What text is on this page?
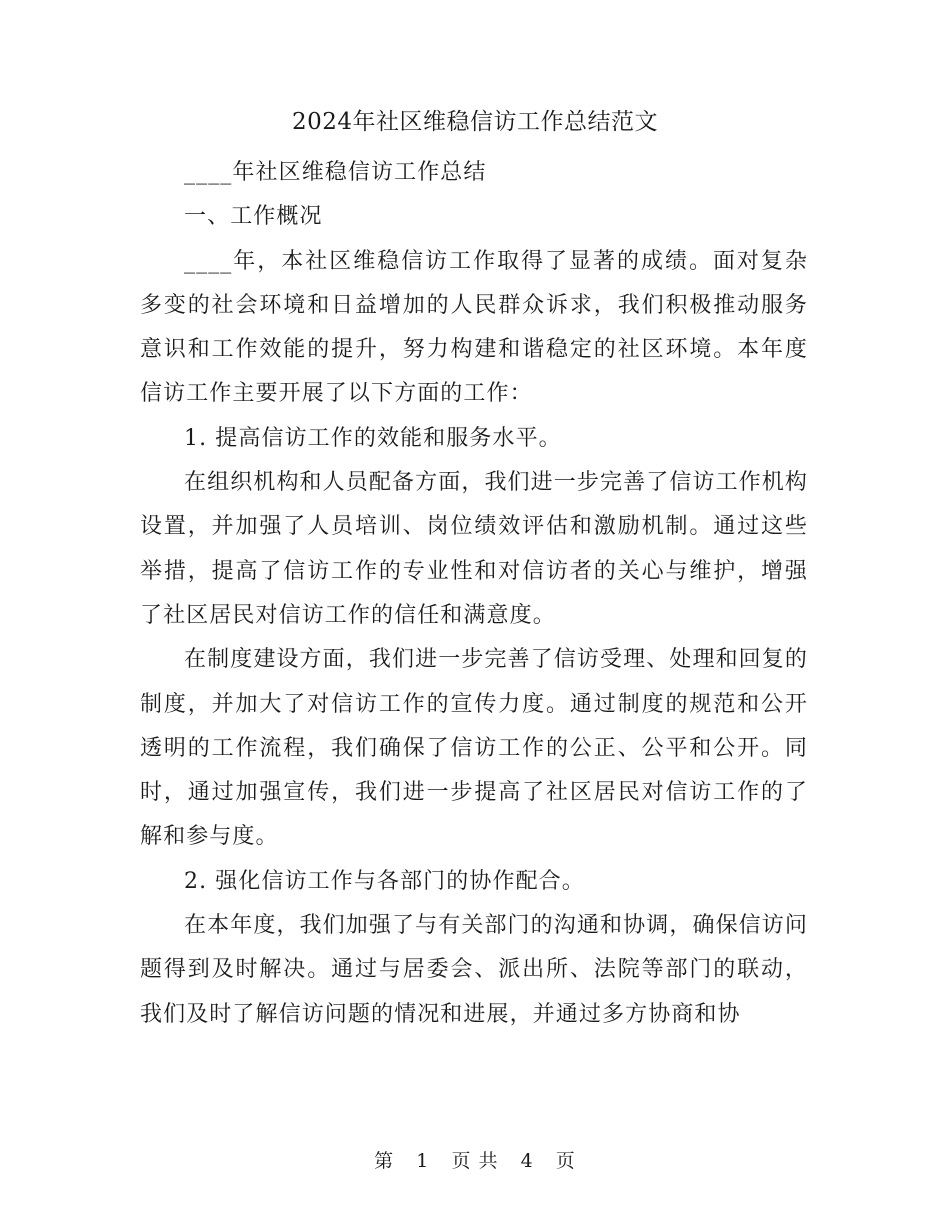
2024年社区维稳信访工作总结范文

____年社区维稳信访工作总结

一、工作概况

____年，本社区维稳信访工作取得了显著的成绩。面对复杂多变的社会环境和日益增加的人民群众诉求，我们积极推动服务意识和工作效能的提升，努力构建和谐稳定的社区环境。本年度信访工作主要开展了以下方面的工作：

1. 提高信访工作的效能和服务水平。

在组织机构和人员配备方面，我们进一步完善了信访工作机构设置，并加强了人员培训、岗位绩效评估和激励机制。通过这些举措，提高了信访工作的专业性和对信访者的关心与维护，增强了社区居民对信访工作的信任和满意度。

在制度建设方面，我们进一步完善了信访受理、处理和回复的制度，并加大了对信访工作的宣传力度。通过制度的规范和公开透明的工作流程，我们确保了信访工作的公正、公平和公开。同时，通过加强宣传，我们进一步提高了社区居民对信访工作的了解和参与度。

2. 强化信访工作与各部门的协作配合。

在本年度，我们加强了与有关部门的沟通和协调，确保信访问题得到及时解决。通过与居委会、派出所、法院等部门的联动，我们及时了解信访问题的情况和进展，并通过多方协商和协

第 1 页 共 4 页
